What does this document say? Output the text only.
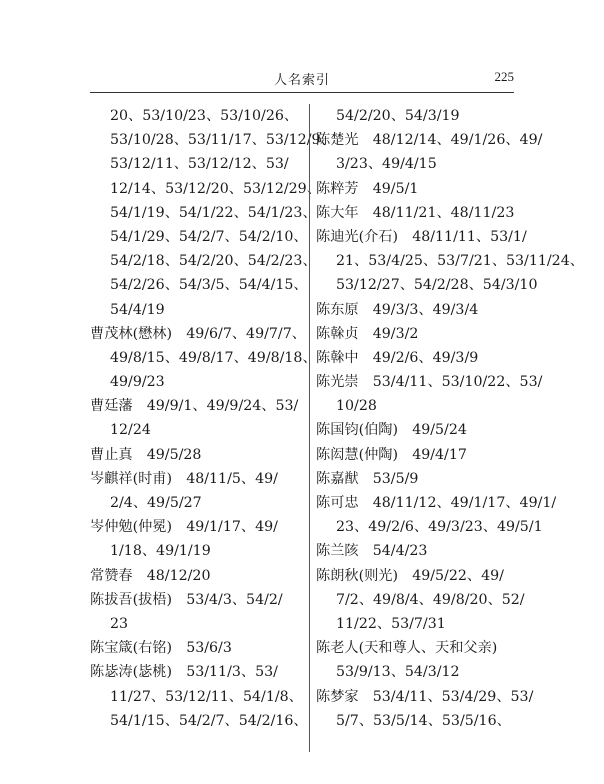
人名索引	225
20、53/10/23、53/10/26、
53/10/28、53/11/17、53/12/9、
53/12/11、53/12/12、53/
12/14、53/12/20、53/12/29、
54/1/19、54/1/22、54/1/23、
54/1/29、54/2/7、54/2/10、
54/2/18、54/2/20、54/2/23、
54/2/26、54/3/5、54/4/15、
54/4/19
曹茂林(懋林)　49/6/7、49/7/7、
49/8/15、49/8/17、49/8/18、
49/9/23
曹廷藩　49/9/1、49/9/24、53/
12/24
曹止真　49/5/28
岑麒祥(时甫)　48/11/5、49/
2/4、49/5/27
岑仲勉(仲冕)　49/1/17、49/
1/18、49/1/19
常赞春　48/12/20
陈拔吾(拔梧)　53/4/3、54/2/
23
陈宝箴(右铭)　53/6/3
陈毖涛(毖桃)　53/11/3、53/
11/27、53/12/11、54/1/8、
54/1/15、54/2/7、54/2/16、
54/2/20、54/3/19
陈楚光　48/12/14、49/1/26、49/
3/23、49/4/15
陈粹芳　49/5/1
陈大年　48/11/21、48/11/23
陈迪光(介石)　48/11/11、53/1/
21、53/4/25、53/7/21、53/11/24、
53/12/27、54/2/28、54/3/10
陈东原　49/3/3、49/3/4
陈榦贞　49/3/2
陈榦中　49/2/6、49/3/9
陈光崇　53/4/11、53/10/22、53/
10/28
陈国钧(伯陶)　49/5/24
陈闳慧(仲陶)　49/4/17
陈嘉猷　53/5/9
陈可忠　48/11/12、49/1/17、49/1/
23、49/2/6、49/3/23、49/5/1
陈兰陔　54/4/23
陈朗秋(则光)　49/5/22、49/
7/2、49/8/4、49/8/20、52/
11/22、53/7/31
陈老人(天和尊人、天和父亲)
53/9/13、54/3/12
陈梦家　53/4/11、53/4/29、53/
5/7、53/5/14、53/5/16、
